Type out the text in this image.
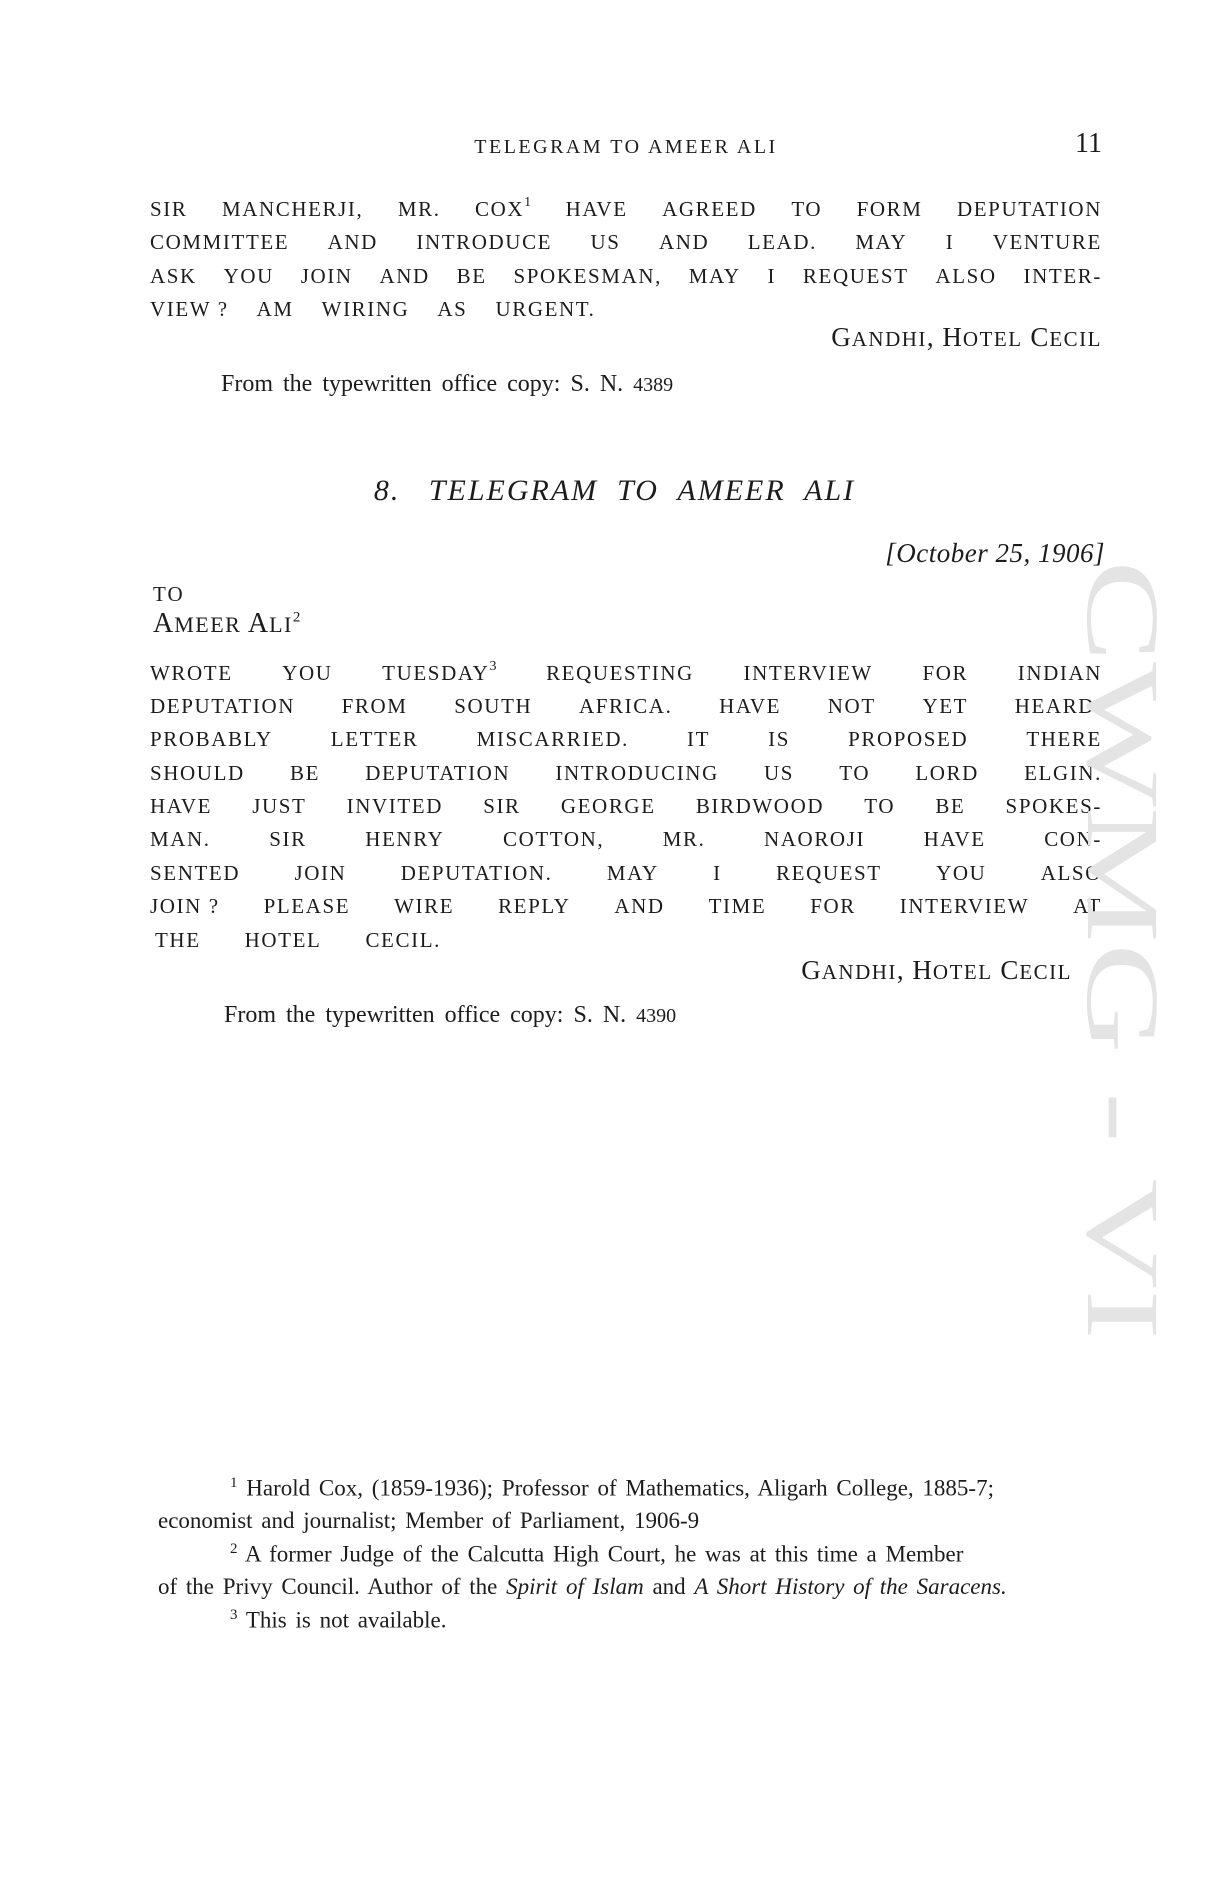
TELEGRAM TO AMEER ALI	11
SIR MANCHERJI, MR. COX$^1$ HAVE AGREED TO FORM DEPUTATION
COMMITTEE AND INTRODUCE US AND LEAD. MAY I VENTURE
ASK YOU JOIN AND BE SPOKESMAN, MAY I REQUEST ALSO INTER-
VIEW ? AM WIRING AS URGENT.
GANDHI, HOTEL CECIL
From the typewritten office copy: S. N. 4389
8.   TELEGRAM  TO  AMEER  ALI
[October 25, 1906]
TO
AMEER ALI$^2$
WROTE YOU TUESDAY$^3$ REQUESTING INTERVIEW FOR INDIAN
DEPUTATION FROM SOUTH AFRICA. HAVE NOT YET HEARD.
PROBABLY	LETTER	MISCARRIED.	IT	IS	PROPOSED	THERE
SHOULD BE DEPUTATION INTRODUCING US TO LORD ELGIN.
HAVE JUST INVITED SIR GEORGE BIRDWOOD TO BE SPOKES-
MAN.	SIR	HENRY	COTTON,	MR.	NAOROJI	HAVE	CON-
SENTED	JOIN	DEPUTATION.	MAY	I	REQUEST	YOU	ALSO
JOIN ? PLEASE WIRE REPLY AND TIME FOR INTERVIEW AT
THE HOTEL CECIL.
GANDHI, HOTEL CECIL
From the typewritten office copy: S. N. 4390
$^1$ Harold Cox, (1859-1936); Professor of Mathematics, Aligarh College, 1885-7;
economist and journalist; Member of Parliament, 1906-9
$^2$ A former Judge of the Calcutta High Court, he was at this time a Member
of the Privy Council. Author of the Spirit of Islam and A Short History of the Saracens.
$^3$ This is not available.
CWMG VI
